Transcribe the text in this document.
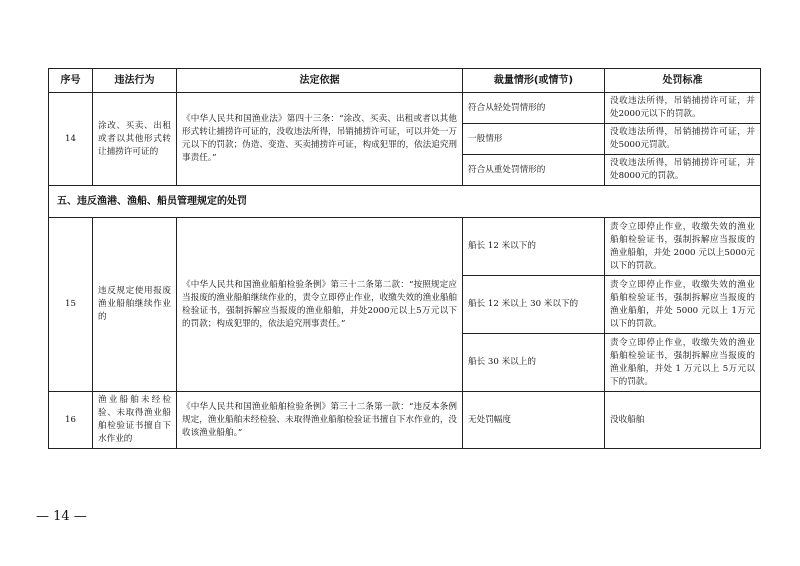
序号	违法行为	法定依据	裁量情形(或情节)	处罚标准
14	涂改、买卖、出租或者以其他形式转让捕捞许可证的	《中华人民共和国渔业法》第四十三条：“涂改、买卖、出租或者以其他形式转让捕捞许可证的，没收违法所得，吊销捕捞许可证，可以并处一万元以下的罚款；伪造、变造、买卖捕捞许可证，构成犯罪的，依法追究刑事责任。”	符合从轻处罚情形的	没收违法所得，吊销捕捞许可证，并处2000元以下的罚款。
			一般情形	没收违法所得，吊销捕捞许可证，并处5000元罚款。
			符合从重处罚情形的	没收违法所得，吊销捕捞许可证，并处8000元的罚款。
五、违反渔港、渔船、船员管理规定的处罚				
15	违反规定使用报废渔业船舶继续作业的	《中华人民共和国渔业船舶检验条例》第三十二条第二款：“按照规定应当报废的渔业船舶继续作业的，责令立即停止作业，收缴失效的渔业船舶检验证书，强制拆解应当报废的渔业船舶，并处2000元以上5万元以下的罚款；构成犯罪的，依法追究刑事责任。”	船长 12 米以下的	责令立即停止作业，收缴失效的渔业船舶检验证书，强制拆解应当报废的渔业船舶，并处 2000 元以上5000元以下的罚款。
			船长 12 米以上 30 米以下的	责令立即停止作业，收缴失效的渔业船舶检验证书，强制拆解应当报废的渔业船舶，并处 5000 元以上 1万元以下的罚款。
			船长 30 米以上的	责令立即停止作业，收缴失效的渔业船舶检验证书，强制拆解应当报废的渔业船舶，并处 1 万元以上 5万元以下的罚款。
16	渔业船舶未经检验、未取得渔业船舶检验证书擅自下水作业的	《中华人民共和国渔业船舶检验条例》第三十二条第一款：“违反本条例规定，渔业船舶未经检验、未取得渔业船舶检验证书擅自下水作业的，没收该渔业船舶。”	无处罚幅度	没收船舶
— 14 —
